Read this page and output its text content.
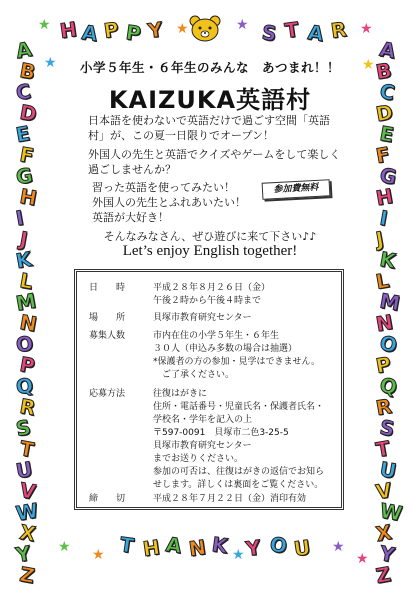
H A P P Y	S T A R
A
B
C
D
E
F
G
H
I
J
K
L
M
N
O
P
Q
R
S
T
U
V
W
X
Y
Z
A
B
C
D
E
F
G
H
I
J
K
L
M
N
O
P
Q
R
S
T
U
V
W
X
Y
Z
T H A N K Y O U
★	★	★	★
★	★
★ ★	★
★
★
小学５年生・６年生のみんな　あつまれ！！
KAIZUKA英語村
日本語を使わないで英語だけで過ごす空間「英語村」が、この夏一日限りでオープン！
外国人の先生と英語でクイズやゲームをして楽しく過ごしませんか？
習った英語を使ってみたい！
外国人の先生とふれあいたい！
英語が大好き！
参加費無料
そんなみなさん、ぜひ遊びに来て下さい♪♪
Let’s enjoy English together!
日　　時	平成２８年８月２６日（金）
午後２時から午後４時まで
場　　所	貝塚市教育研究センター
募集人数	市内在住の小学５年生・６年生
３０人（申込み多数の場合は抽選）
*保護者の方の参加・見学はできません。
　ご了承ください。
応募方法	往復はがきに
住所・電話番号・児童氏名・保護者氏名・
学校名・学年を記入の上
〒597-0091　貝塚市二色3-25-5
貝塚市教育研究センター
までお送りください。
参加の可否は、往復はがきの返信でお知ら
せします。詳しくは裏面をご覧ください。
締　　切	平成２８年７月２２日（金）消印有効
